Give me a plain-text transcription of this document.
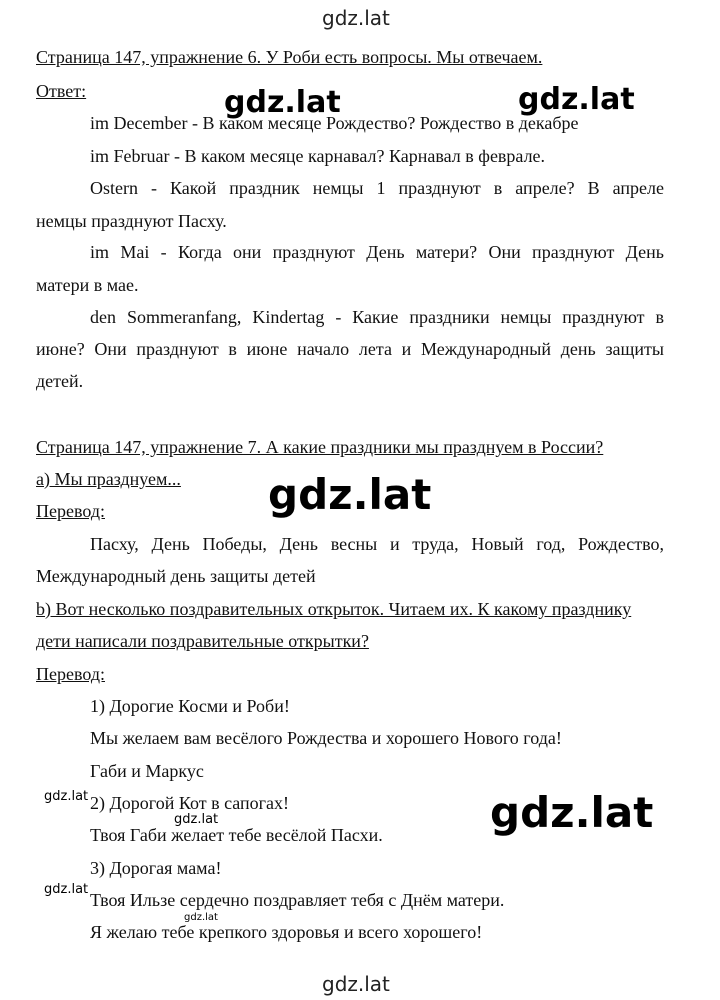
gdz.lat
gdz.lat	gdz.lat
gdz.lat
gdz.lat	gdz.lat
gdz.lat
gdz.lat
gdz.lat
gdz.lat
Страница 147, упражнение 6. У Роби есть вопросы. Мы отвечаем.
Ответ:
im December - В каком месяце Рождество? Рождество в декабре
im Februar - В каком месяце карнавал? Карнавал в феврале.
Ostern - Какой праздник немцы 1 празднуют в апреле? В апреле
немцы празднуют Пасху.
im Mai - Когда они празднуют День матери? Они празднуют День
матери в мае.
den Sommeranfang, Kindertag - Какие праздники немцы празднуют в
июне? Они празднуют в июне начало лета и Международный день защиты
детей.
Страница 147, упражнение 7. А какие праздники мы празднуем в России?
a) Мы празднуем...
Перевод:
Пасху, День Победы, День весны и труда, Новый год, Рождество,
Международный день защиты детей
b) Вот несколько поздравительных открыток. Читаем их. К какому празднику
дети написали поздравительные открытки?
Перевод:
1) Дорогие Косми и Роби!
Мы желаем вам весёлого Рождества и хорошего Нового года!
Габи и Маркус
2) Дорогой Кот в сапогах!
Твоя Габи желает тебе весёлой Пасхи.
3) Дорогая мама!
Твоя Ильзе сердечно поздравляет тебя с Днём матери.
Я желаю тебе крепкого здоровья и всего хорошего!
